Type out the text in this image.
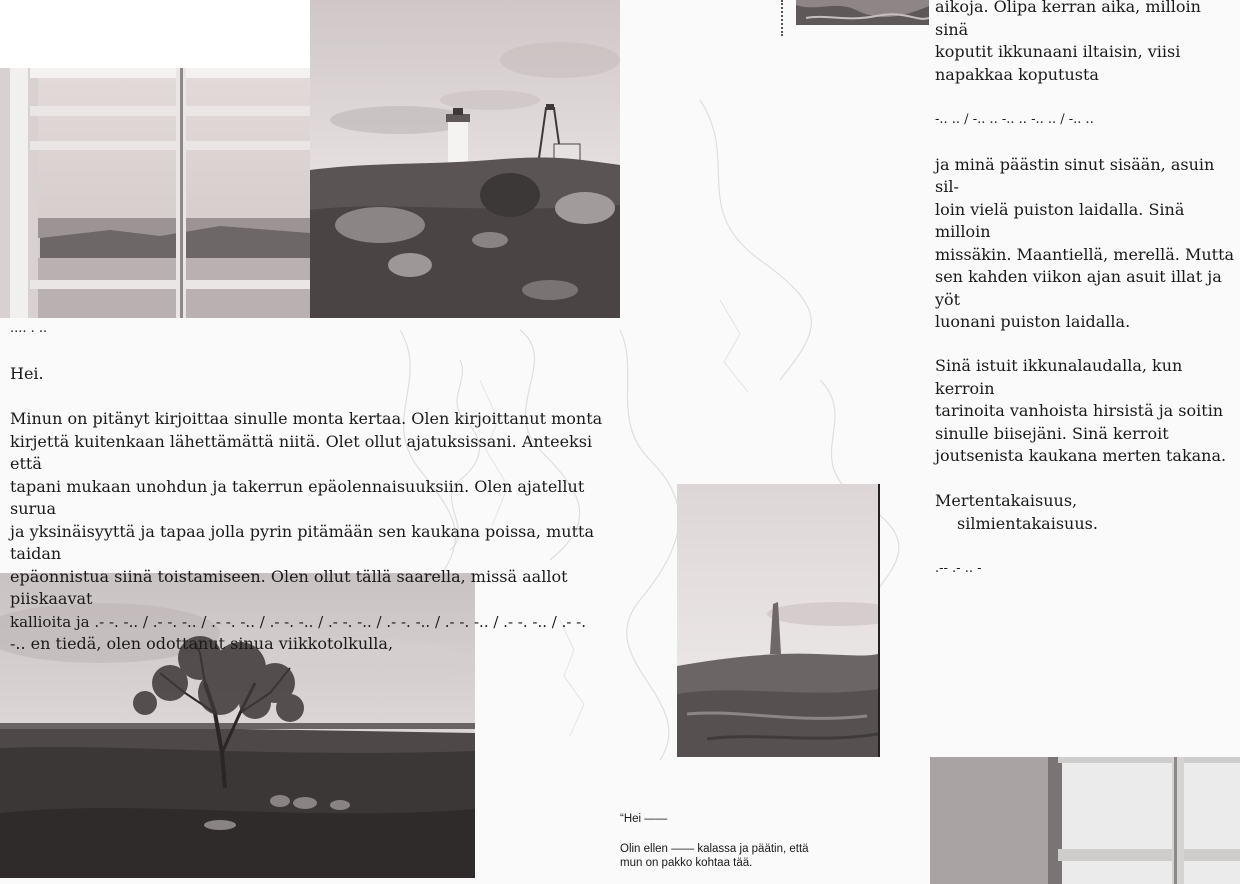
.... . ..

Hei.

Minun on pitänyt kirjoittaa sinulle monta kertaa. Olen kirjoittanut monta

kirjettä kuitenkaan lähettämättä niitä. Olet ollut ajatuksissani. Anteeksi että

tapani mukaan unohdun ja takerrun epäolennaisuuksiin. Olen ajatellut surua

ja yksinäisyyttä ja tapaa jolla pyrin pitämään sen kaukana poissa, mutta taidan

epäonnistua siinä toistamiseen. Olen ollut tällä saarella, missä aallot piiskaavat

kallioita ja .- -. -.. / .- -. -.. / .- -. -.. / .- -. -.. / .- -. -.. / .- -. -.. / .- -. -.. / .- -. -.. / .- -.

-.. en tiedä, olen odottanut sinua viikkotolkulla,

aikoja. Olipa kerran aika, milloin sinä

koputit ikkunaani iltaisin, viisi

napakkaa koputusta

-.. .. / -.. .. -.. .. -.. .. / -.. ..

ja minä päästin sinut sisään, asuin sil-

loin vielä puiston laidalla. Sinä milloin

missäkin. Maantiellä, merellä. Mutta

sen kahden viikon ajan asuit illat ja yöt

luonani puiston laidalla.

Sinä istuit ikkunalaudalla, kun kerroin

tarinoita vanhoista hirsistä ja soitin

sinulle biisejäni. Sinä kerroit

joutsenista kaukana merten takana.

Mertentakaisuus,

silmientakaisuus.

.-- .- .. -

“Hei ——

Olin ellen —— kalassa ja päätin, että

mun on pakko kohtaa tää.
